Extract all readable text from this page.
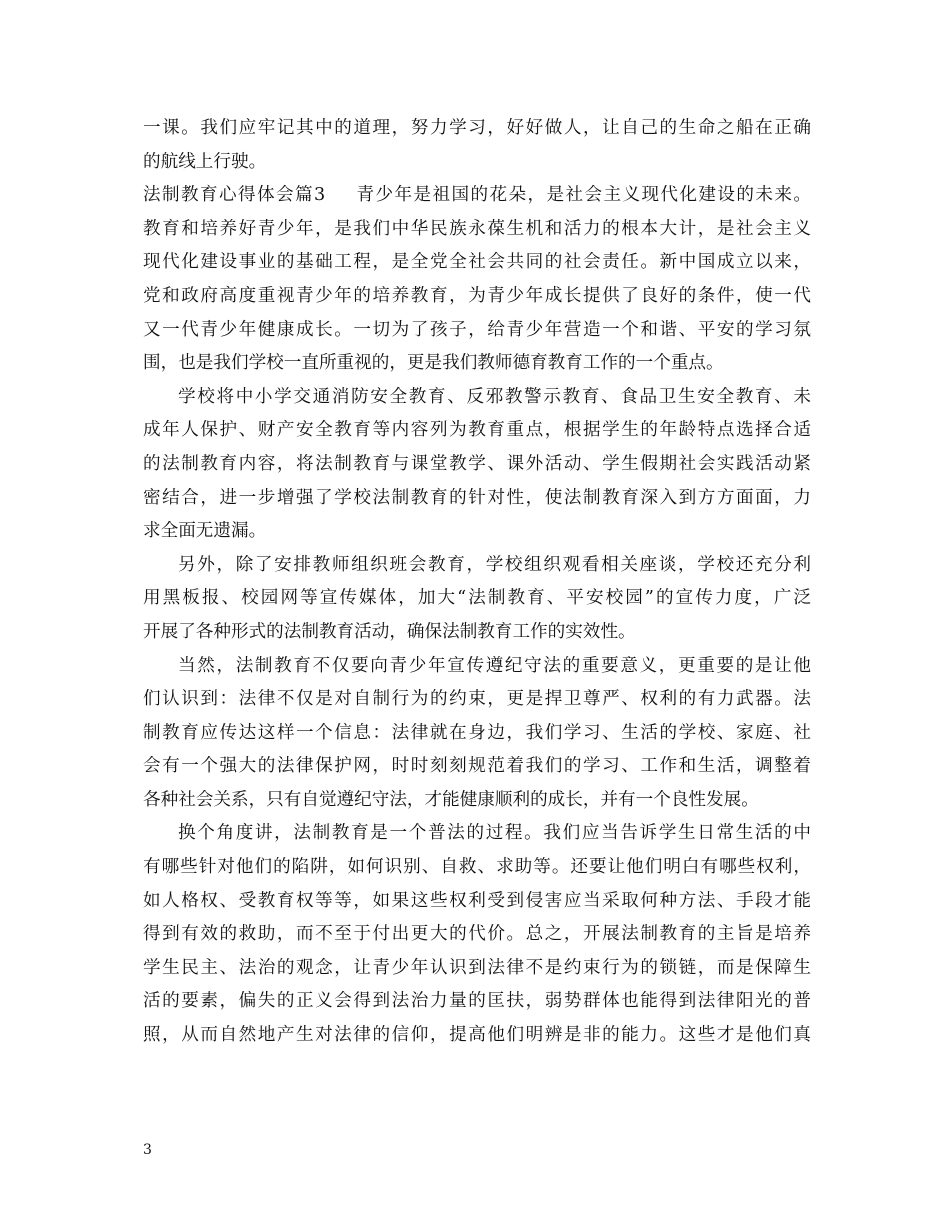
一课。我们应牢记其中的道理，努力学习，好好做人，让自己的生命之船在正确
的航线上行驶。
法制教育心得体会篇3 青少年是祖国的花朵，是社会主义现代化建设的未来。
教育和培养好青少年，是我们中华民族永葆生机和活力的根本大计，是社会主义
现代化建设事业的基础工程，是全党全社会共同的社会责任。新中国成立以来，
党和政府高度重视青少年的培养教育，为青少年成长提供了良好的条件，使一代
又一代青少年健康成长。一切为了孩子，给青少年营造一个和谐、平安的学习氛
围，也是我们学校一直所重视的，更是我们教师德育教育工作的一个重点。
学校将中小学交通消防安全教育、反邪教警示教育、食品卫生安全教育、未
成年人保护、财产安全教育等内容列为教育重点，根据学生的年龄特点选择合适
的法制教育内容，将法制教育与课堂教学、课外活动、学生假期社会实践活动紧
密结合，进一步增强了学校法制教育的针对性，使法制教育深入到方方面面，力
求全面无遗漏。
另外，除了安排教师组织班会教育，学校组织观看相关座谈，学校还充分利
用黑板报、校园网等宣传媒体，加大“法制教育、平安校园”的宣传力度，广泛
开展了各种形式的法制教育活动，确保法制教育工作的实效性。
当然，法制教育不仅要向青少年宣传遵纪守法的重要意义，更重要的是让他
们认识到：法律不仅是对自制行为的约束，更是捍卫尊严、权利的有力武器。法
制教育应传达这样一个信息：法律就在身边，我们学习、生活的学校、家庭、社
会有一个强大的法律保护网，时时刻刻规范着我们的学习、工作和生活，调整着
各种社会关系，只有自觉遵纪守法，才能健康顺利的成长，并有一个良性发展。
换个角度讲，法制教育是一个普法的过程。我们应当告诉学生日常生活的中
有哪些针对他们的陷阱，如何识别、自救、求助等。还要让他们明白有哪些权利，
如人格权、受教育权等等，如果这些权利受到侵害应当采取何种方法、手段才能
得到有效的救助，而不至于付出更大的代价。总之，开展法制教育的主旨是培养
学生民主、法治的观念，让青少年认识到法律不是约束行为的锁链，而是保障生
活的要素，偏失的正义会得到法治力量的匡扶，弱势群体也能得到法律阳光的普
照，从而自然地产生对法律的信仰，提高他们明辨是非的能力。这些才是他们真
3
